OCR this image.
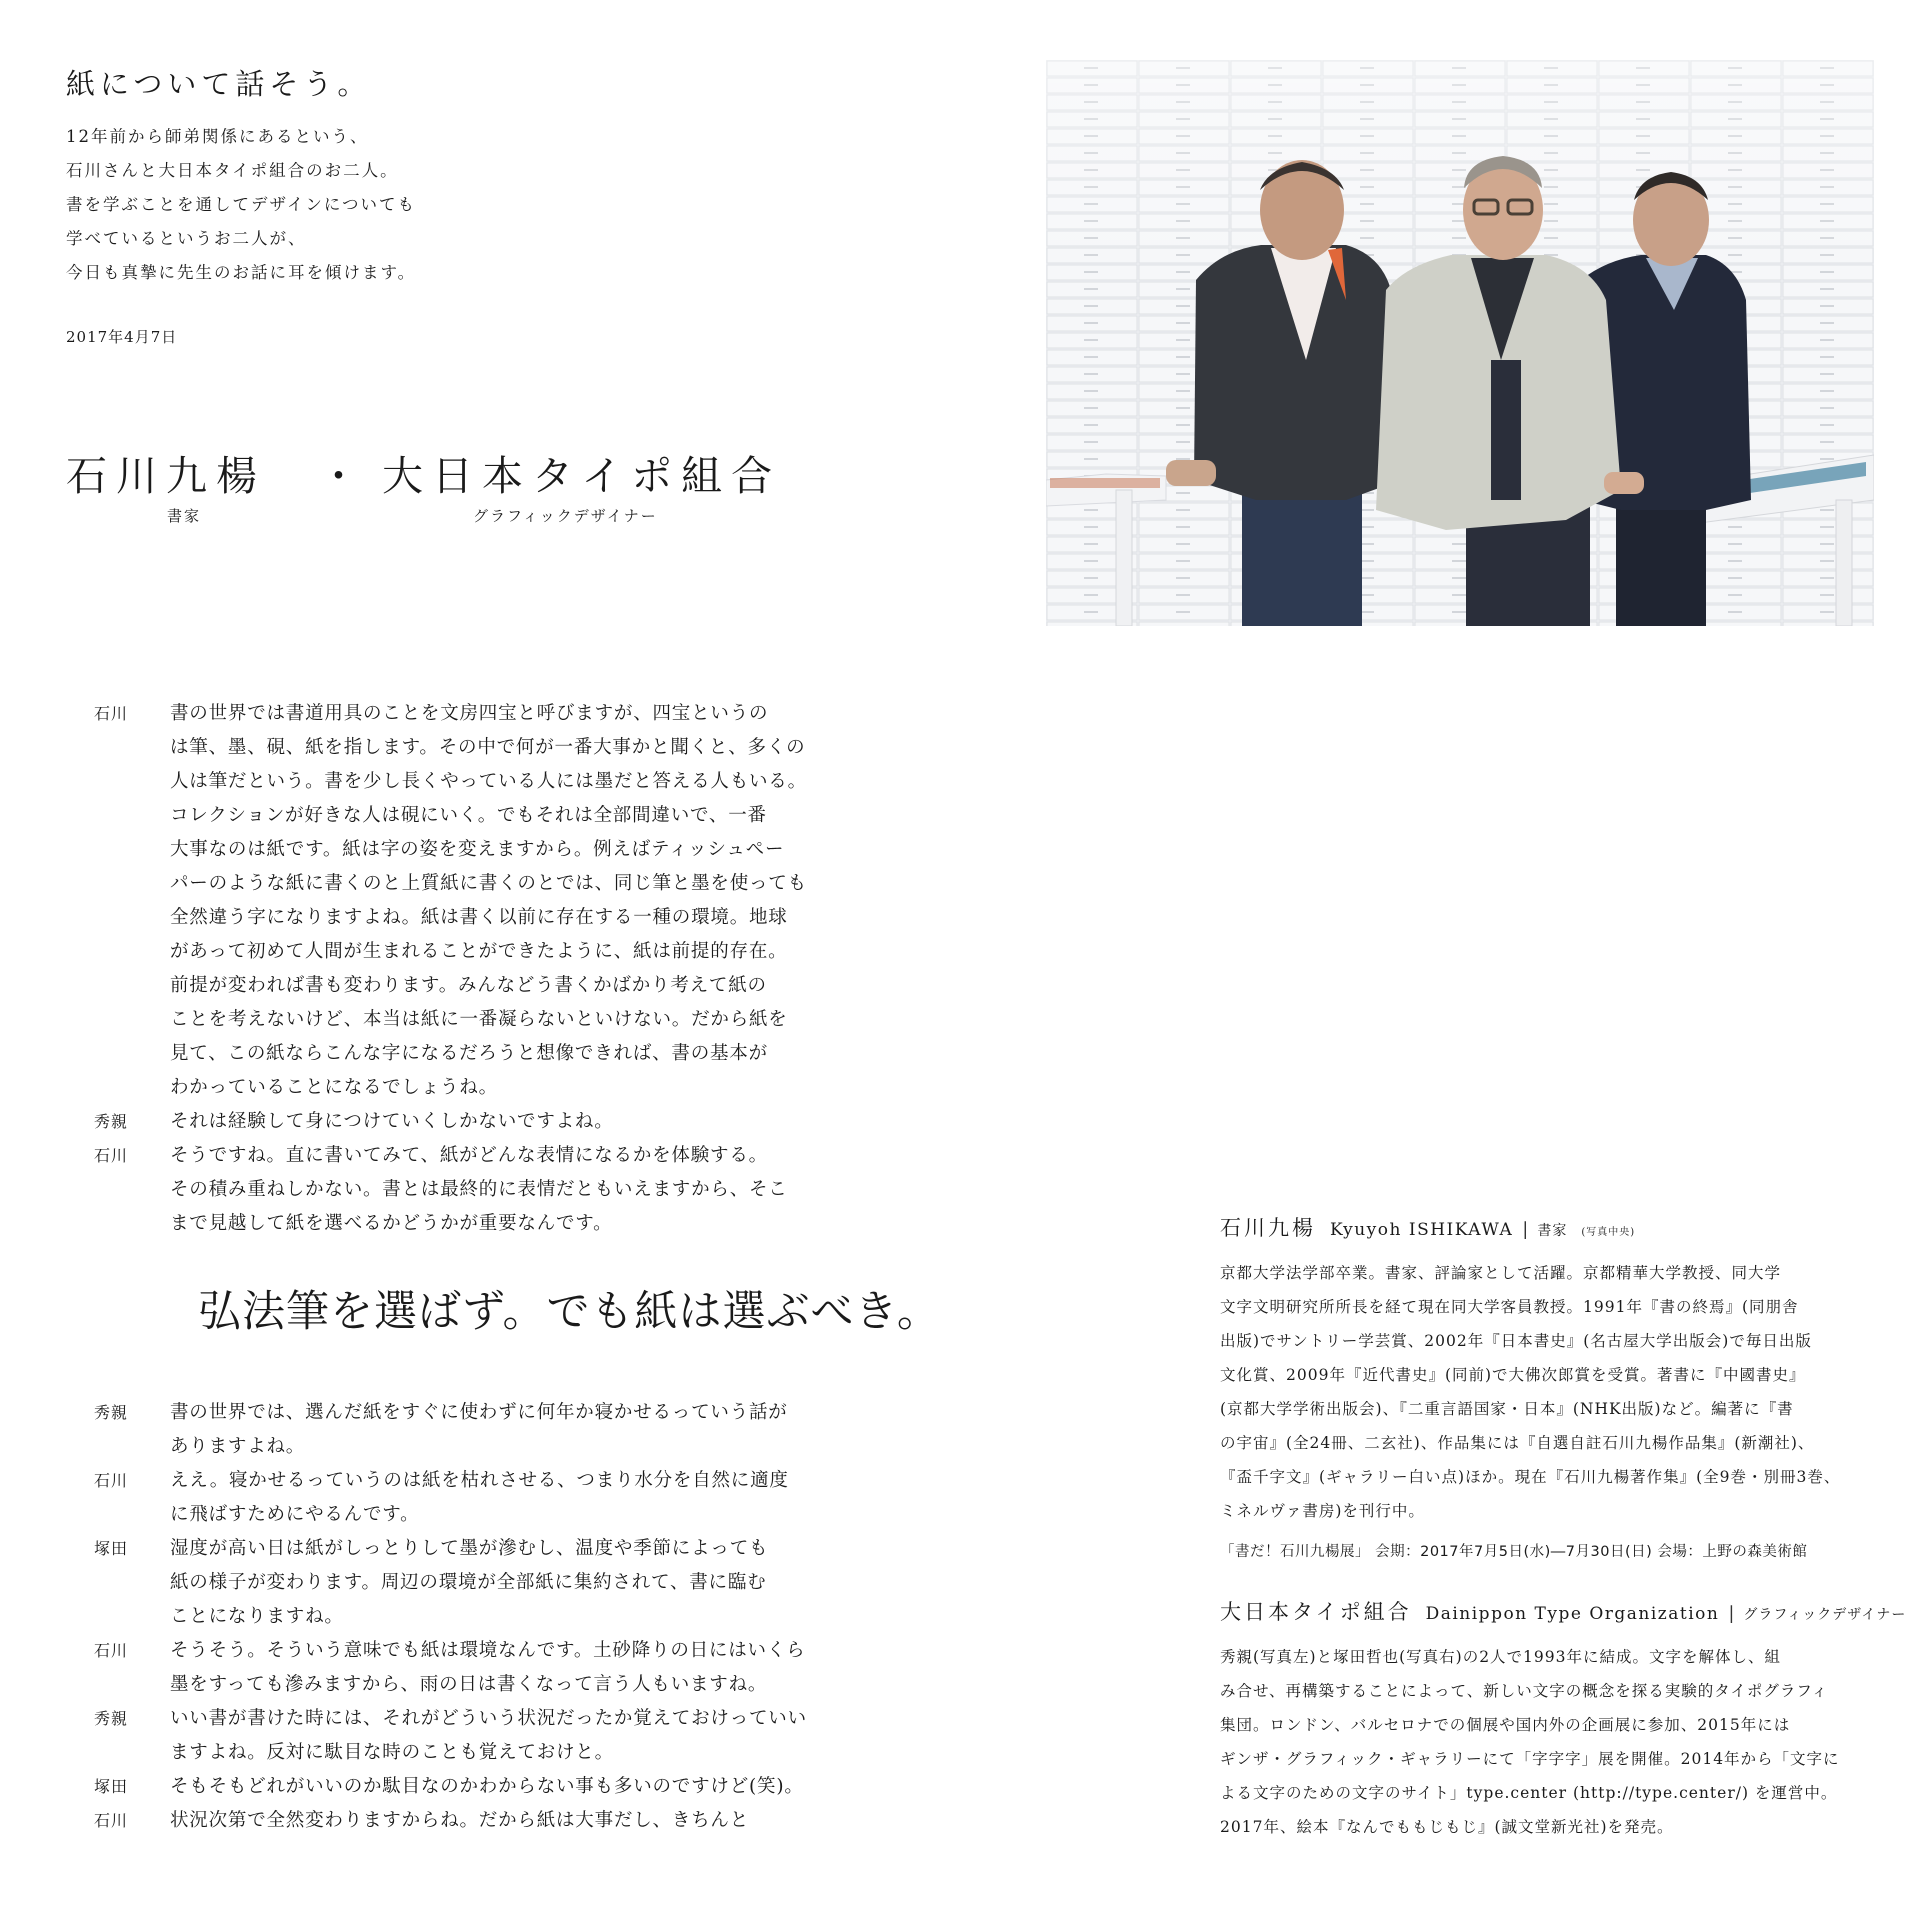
紙について話そう。
12年前から師弟関係にあるという、
石川さんと大日本タイポ組合のお二人。
書を学ぶことを通してデザインについても
学べているというお二人が、
今日も真摯に先生のお話に耳を傾けます。
2017年4月7日
石川九楊 ・ 大日本タイポ組合
書家	グラフィックデザイナー
石川	書の世界では書道用具のことを文房四宝と呼びますが、四宝というの
は筆、墨、硯、紙を指します。その中で何が一番大事かと聞くと、多くの
人は筆だという。書を少し長くやっている人には墨だと答える人もいる。
コレクションが好きな人は硯にいく。でもそれは全部間違いで、一番
大事なのは紙です。紙は字の姿を変えますから。例えばティッシュペー
パーのような紙に書くのと上質紙に書くのとでは、同じ筆と墨を使っても
全然違う字になりますよね。紙は書く以前に存在する一種の環境。地球
があって初めて人間が生まれることができたように、紙は前提的存在。
前提が変われば書も変わります。みんなどう書くかばかり考えて紙の
ことを考えないけど、本当は紙に一番凝らないといけない。だから紙を
見て、この紙ならこんな字になるだろうと想像できれば、書の基本が
わかっていることになるでしょうね。
秀親	それは経験して身につけていくしかないですよね。
石川	そうですね。直に書いてみて、紙がどんな表情になるかを体験する。
その積み重ねしかない。書とは最終的に表情だともいえますから、そこ
まで見越して紙を選べるかどうかが重要なんです。
弘法筆を選ばず。でも紙は選ぶべき。
秀親	書の世界では、選んだ紙をすぐに使わずに何年か寝かせるっていう話が
ありますよね。
石川	ええ。寝かせるっていうのは紙を枯れさせる、つまり水分を自然に適度
に飛ばすためにやるんです。
塚田	湿度が高い日は紙がしっとりして墨が滲むし、温度や季節によっても
紙の様子が変わります。周辺の環境が全部紙に集約されて、書に臨む
ことになりますね。
石川	そうそう。そういう意味でも紙は環境なんです。土砂降りの日にはいくら
墨をすっても滲みますから、雨の日は書くなって言う人もいますね。
秀親	いい書が書けた時には、それがどういう状況だったか覚えておけっていい
ますよね。反対に駄目な時のことも覚えておけと。
塚田	そもそもどれがいいのか駄目なのかわからない事も多いのですけど(笑)。
石川	状況次第で全然変わりますからね。だから紙は大事だし、きちんと
石川九楊 Kyuyoh ISHIKAWA | 書家 (写真中央)
京都大学法学部卒業。書家、評論家として活躍。京都精華大学教授、同大学
文字文明研究所所長を経て現在同大学客員教授。1991年『書の終焉』(同朋舎
出版)でサントリー学芸賞、2002年『日本書史』(名古屋大学出版会)で毎日出版
文化賞、2009年『近代書史』(同前)で大佛次郎賞を受賞。著書に『中國書史』
(京都大学学術出版会)、『二重言語国家・日本』(NHK出版)など。編著に『書
の宇宙』(全24冊、二玄社)、作品集には『自選自註石川九楊作品集』(新潮社)、
『盃千字文』(ギャラリー白い点)ほか。現在『石川九楊著作集』(全9巻・別冊3巻、
ミネルヴァ書房)を刊行中。
「書だ！石川九楊展」 会期：2017年7月5日(水)―7月30日(日) 会場：上野の森美術館
大日本タイポ組合 Dainippon Type Organization | グラフィックデザイナー
秀親(写真左)と塚田哲也(写真右)の2人で1993年に結成。文字を解体し、組
み合せ、再構築することによって、新しい文字の概念を探る実験的タイポグラフィ
集団。ロンドン、バルセロナでの個展や国内外の企画展に参加、2015年には
ギンザ・グラフィック・ギャラリーにて「字字字」展を開催。2014年から「文字に
よる文字のための文字のサイト」type.center (http://type.center/) を運営中。
2017年、絵本『なんでももじもじ』(誠文堂新光社)を発売。
